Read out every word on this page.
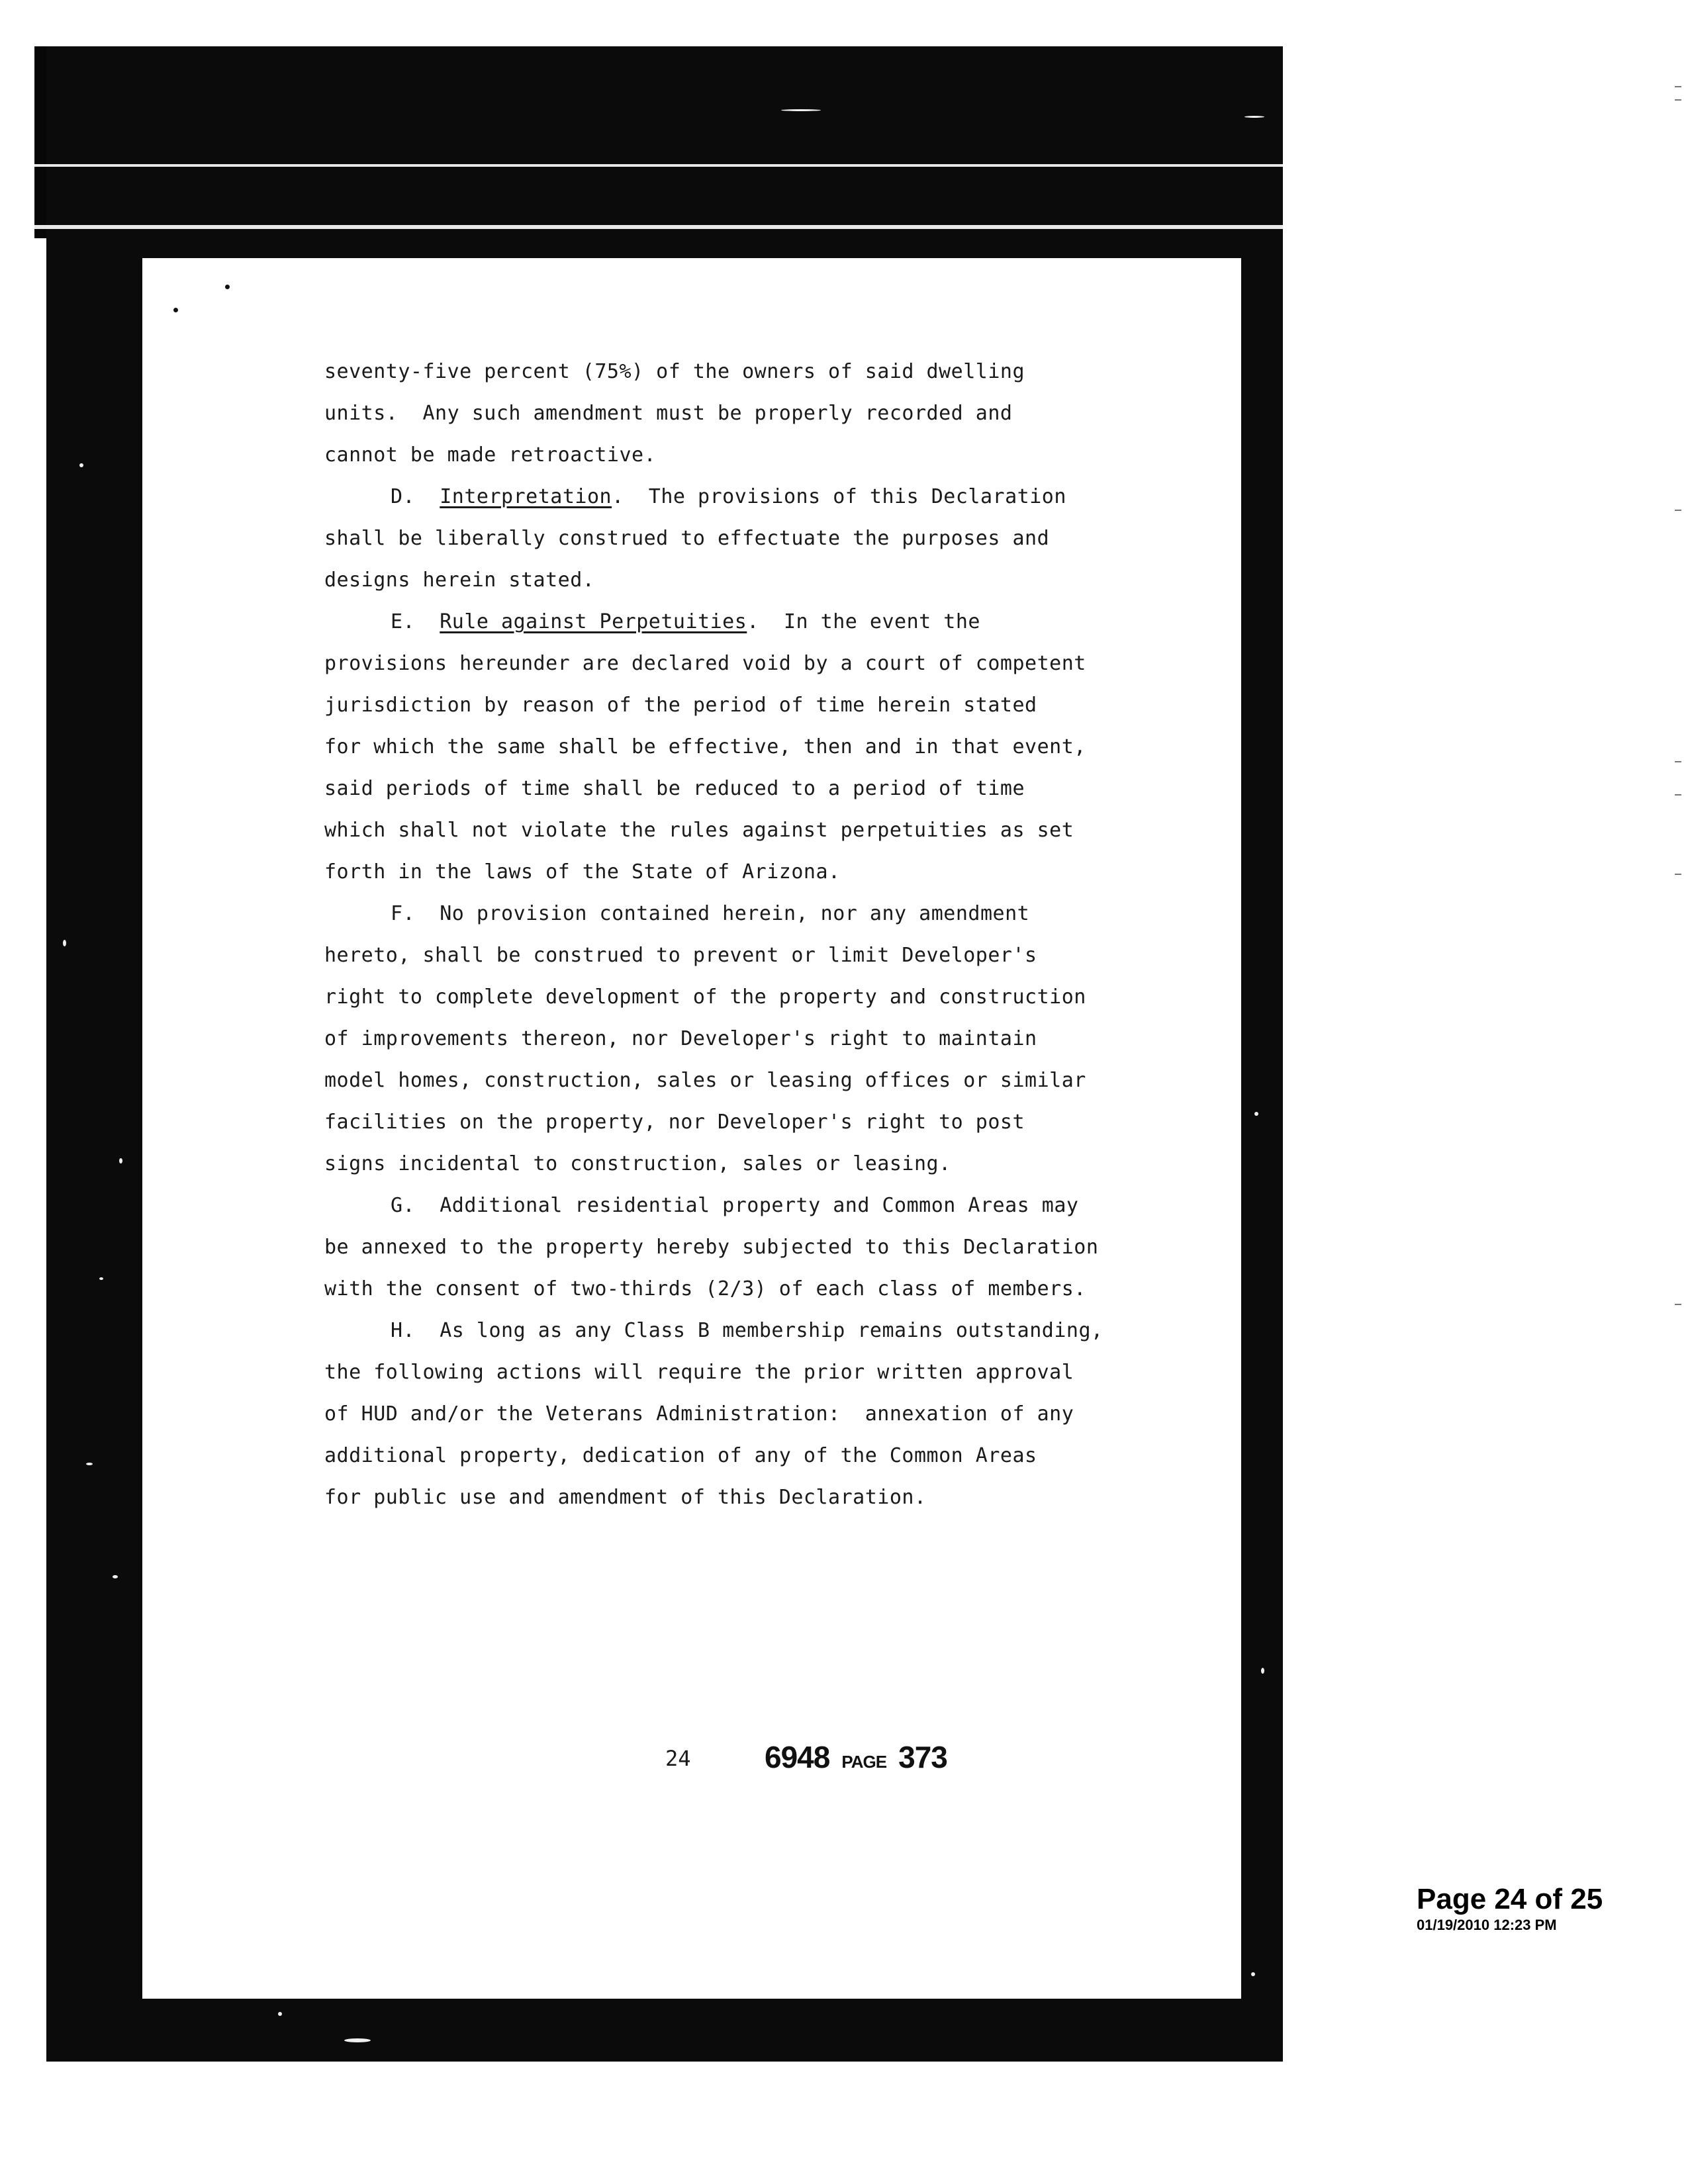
seventy-five percent (75%) of the owners of said dwelling
units.  Any such amendment must be properly recorded and
cannot be made retroactive.
D.  Interpretation.  The provisions of this Declaration
shall be liberally construed to effectuate the purposes and
designs herein stated.
E.  Rule against Perpetuities.  In the event the
provisions hereunder are declared void by a court of competent
jurisdiction by reason of the period of time herein stated
for which the same shall be effective, then and in that event,
said periods of time shall be reduced to a period of time
which shall not violate the rules against perpetuities as set
forth in the laws of the State of Arizona.
F.  No provision contained herein, nor any amendment
hereto, shall be construed to prevent or limit Developer's
right to complete development of the property and construction
of improvements thereon, nor Developer's right to maintain
model homes, construction, sales or leasing offices or similar
facilities on the property, nor Developer's right to post
signs incidental to construction, sales or leasing.
G.  Additional residential property and Common Areas may
be annexed to the property hereby subjected to this Declaration
with the consent of two-thirds (2/3) of each class of members.
H.  As long as any Class B membership remains outstanding,
the following actions will require the prior written approval
of HUD and/or the Veterans Administration:  annexation of any
additional property, dedication of any of the Common Areas
for public use and amendment of this Declaration.
24 6948 PAGE 373
Page 24 of 25
01/19/2010 12:23 PM
